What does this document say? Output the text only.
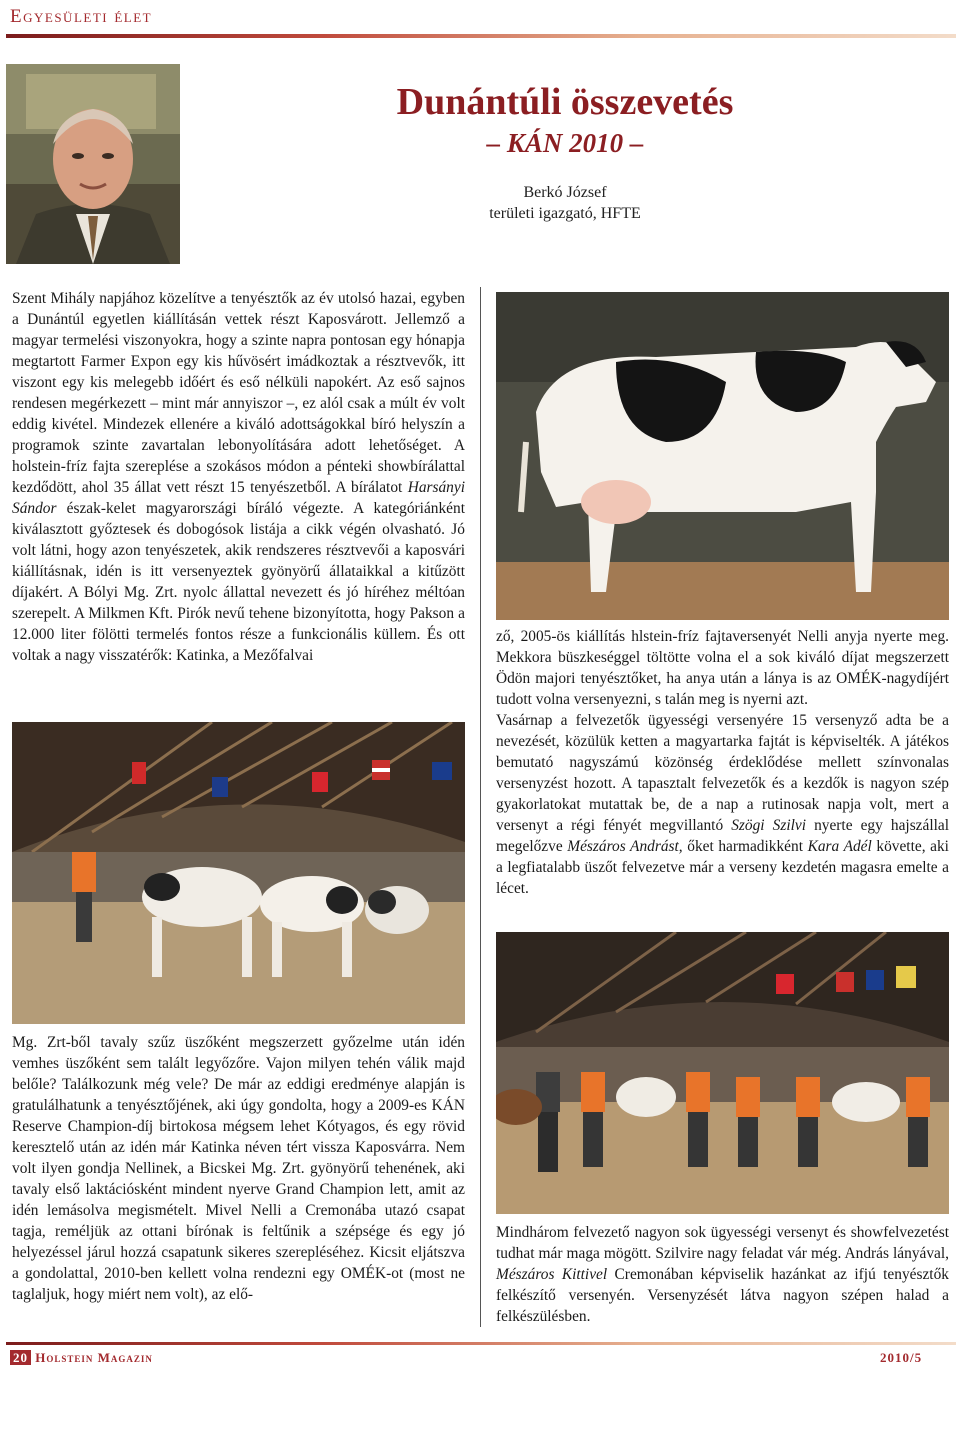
Egyesületi élet
Dunántúli összevetés
– KÁN 2010 –
Berkó József
területi igazgató, HFTE

Szent Mihály napjához közelítve a tenyésztők az év utolsó hazai, egyben a Dunántúl egyetlen kiállításán vettek részt Kaposvárott. Jellemző a magyar termelési viszonyokra, hogy a szinte napra pontosan egy hónapja megtartott Farmer Expon egy kis hűvösért imádkoztak a résztvevők, itt viszont egy kis melegebb időért és eső nélküli napokért. Az eső sajnos rendesen megérkezett – mint már annyiszor –, ez alól csak a múlt év volt eddig kivétel. Mindezek ellenére a kiváló adottságokkal bíró helyszín a programok szinte zavartalan lebonyolítására adott lehetőséget. A holstein-fríz fajta szereplése a szokásos módon a pénteki showbírálattal kezdődött, ahol 35 állat vett részt 15 tenyészetből. A bírálatot Harsányi Sándor észak-kelet magyarországi bíráló végezte. A kategóriánként kiválasztott győztesek és dobogósok listája a cikk végén olvasható. Jó volt látni, hogy azon tenyészetek, akik rendszeres résztvevői a kaposvári kiállításnak, idén is itt versenyeztek gyönyörű állataikkal a kitűzött díjakért. A Bólyi Mg. Zrt. nyolc állattal nevezett és jó híréhez méltóan szerepelt. A Milkmen Kft. Pirók nevű tehene bizonyította, hogy Pakson a 12.000 liter fölötti termelés fontos része a funkcionális küllem. És ott voltak a nagy visszatérők: Katinka, a Mezőfalvai

Mg. Zrt-ből tavaly szűz üszőként megszerzett győzelme után idén vemhes üszőként sem talált legyőzőre. Vajon milyen tehén válik majd belőle? Találkozunk még vele? De már az eddigi eredménye alapján is gratulálhatunk a tenyésztőjének, aki úgy gondolta, hogy a 2009-es KÁN Reserve Champion-díj birtokosa mégsem lehet Kótyagos, és egy rövid keresztelő után az idén már Katinka néven tért vissza Kaposvárra. Nem volt ilyen gondja Nellinek, a Bicskei Mg. Zrt. gyönyörű tehenének, aki tavaly első laktációsként mindent nyerve Grand Champion lett, amit az idén lemásolva megismételt. Mivel Nelli a Cremonába utazó csapat tagja, reméljük az ottani bírónak is feltűnik a szépsége és egy jó helyezéssel járul hozzá csapatunk sikeres szerepléséhez. Kicsit eljátszva a gondolattal, 2010-ben kellett volna rendezni egy OMÉK-ot (most ne taglaljuk, hogy miért nem volt), az elő-

ző, 2005-ös kiállítás hlstein-fríz fajtaversenyét Nelli anyja nyerte meg. Mekkora büszkeséggel töltötte volna el a sok kiváló díjat megszerzett Ödön majori tenyésztőket, ha anya után a lánya is az OMÉK-nagydíjért tudott volna versenyezni, s talán meg is nyerni azt.

Vasárnap a felvezetők ügyességi versenyére 15 versenyző adta be a nevezését, közülük ketten a magyartarka fajtát is képviselték. A játékos bemutató nagyszámú közönség érdeklődése mellett színvonalas versenyzést hozott. A tapasztalt felvezetők és a kezdők is nagyon szép gyakorlatokat mutattak be, de a nap a rutinosak napja volt, mert a versenyt a régi fényét megvillantó Szögi Szilvi nyerte egy hajszállal megelőzve Mészáros Andrást, őket harmadikként Kara Adél követte, aki a legfiatalabb üszőt felvezetve már a verseny kezdetén magasra emelte a lécet.

Mindhárom felvezető nagyon sok ügyességi versenyt és showfelvezetést tudhat már maga mögött. Szilvire nagy feladat vár még. András lányával, Mészáros Kittivel Cremonában képviselik hazánkat az ifjú tenyésztők felkészítő versenyén. Versenyzését látva nagyon szépen halad a felkészülésben.

20 Holstein Magazin	2010/5
